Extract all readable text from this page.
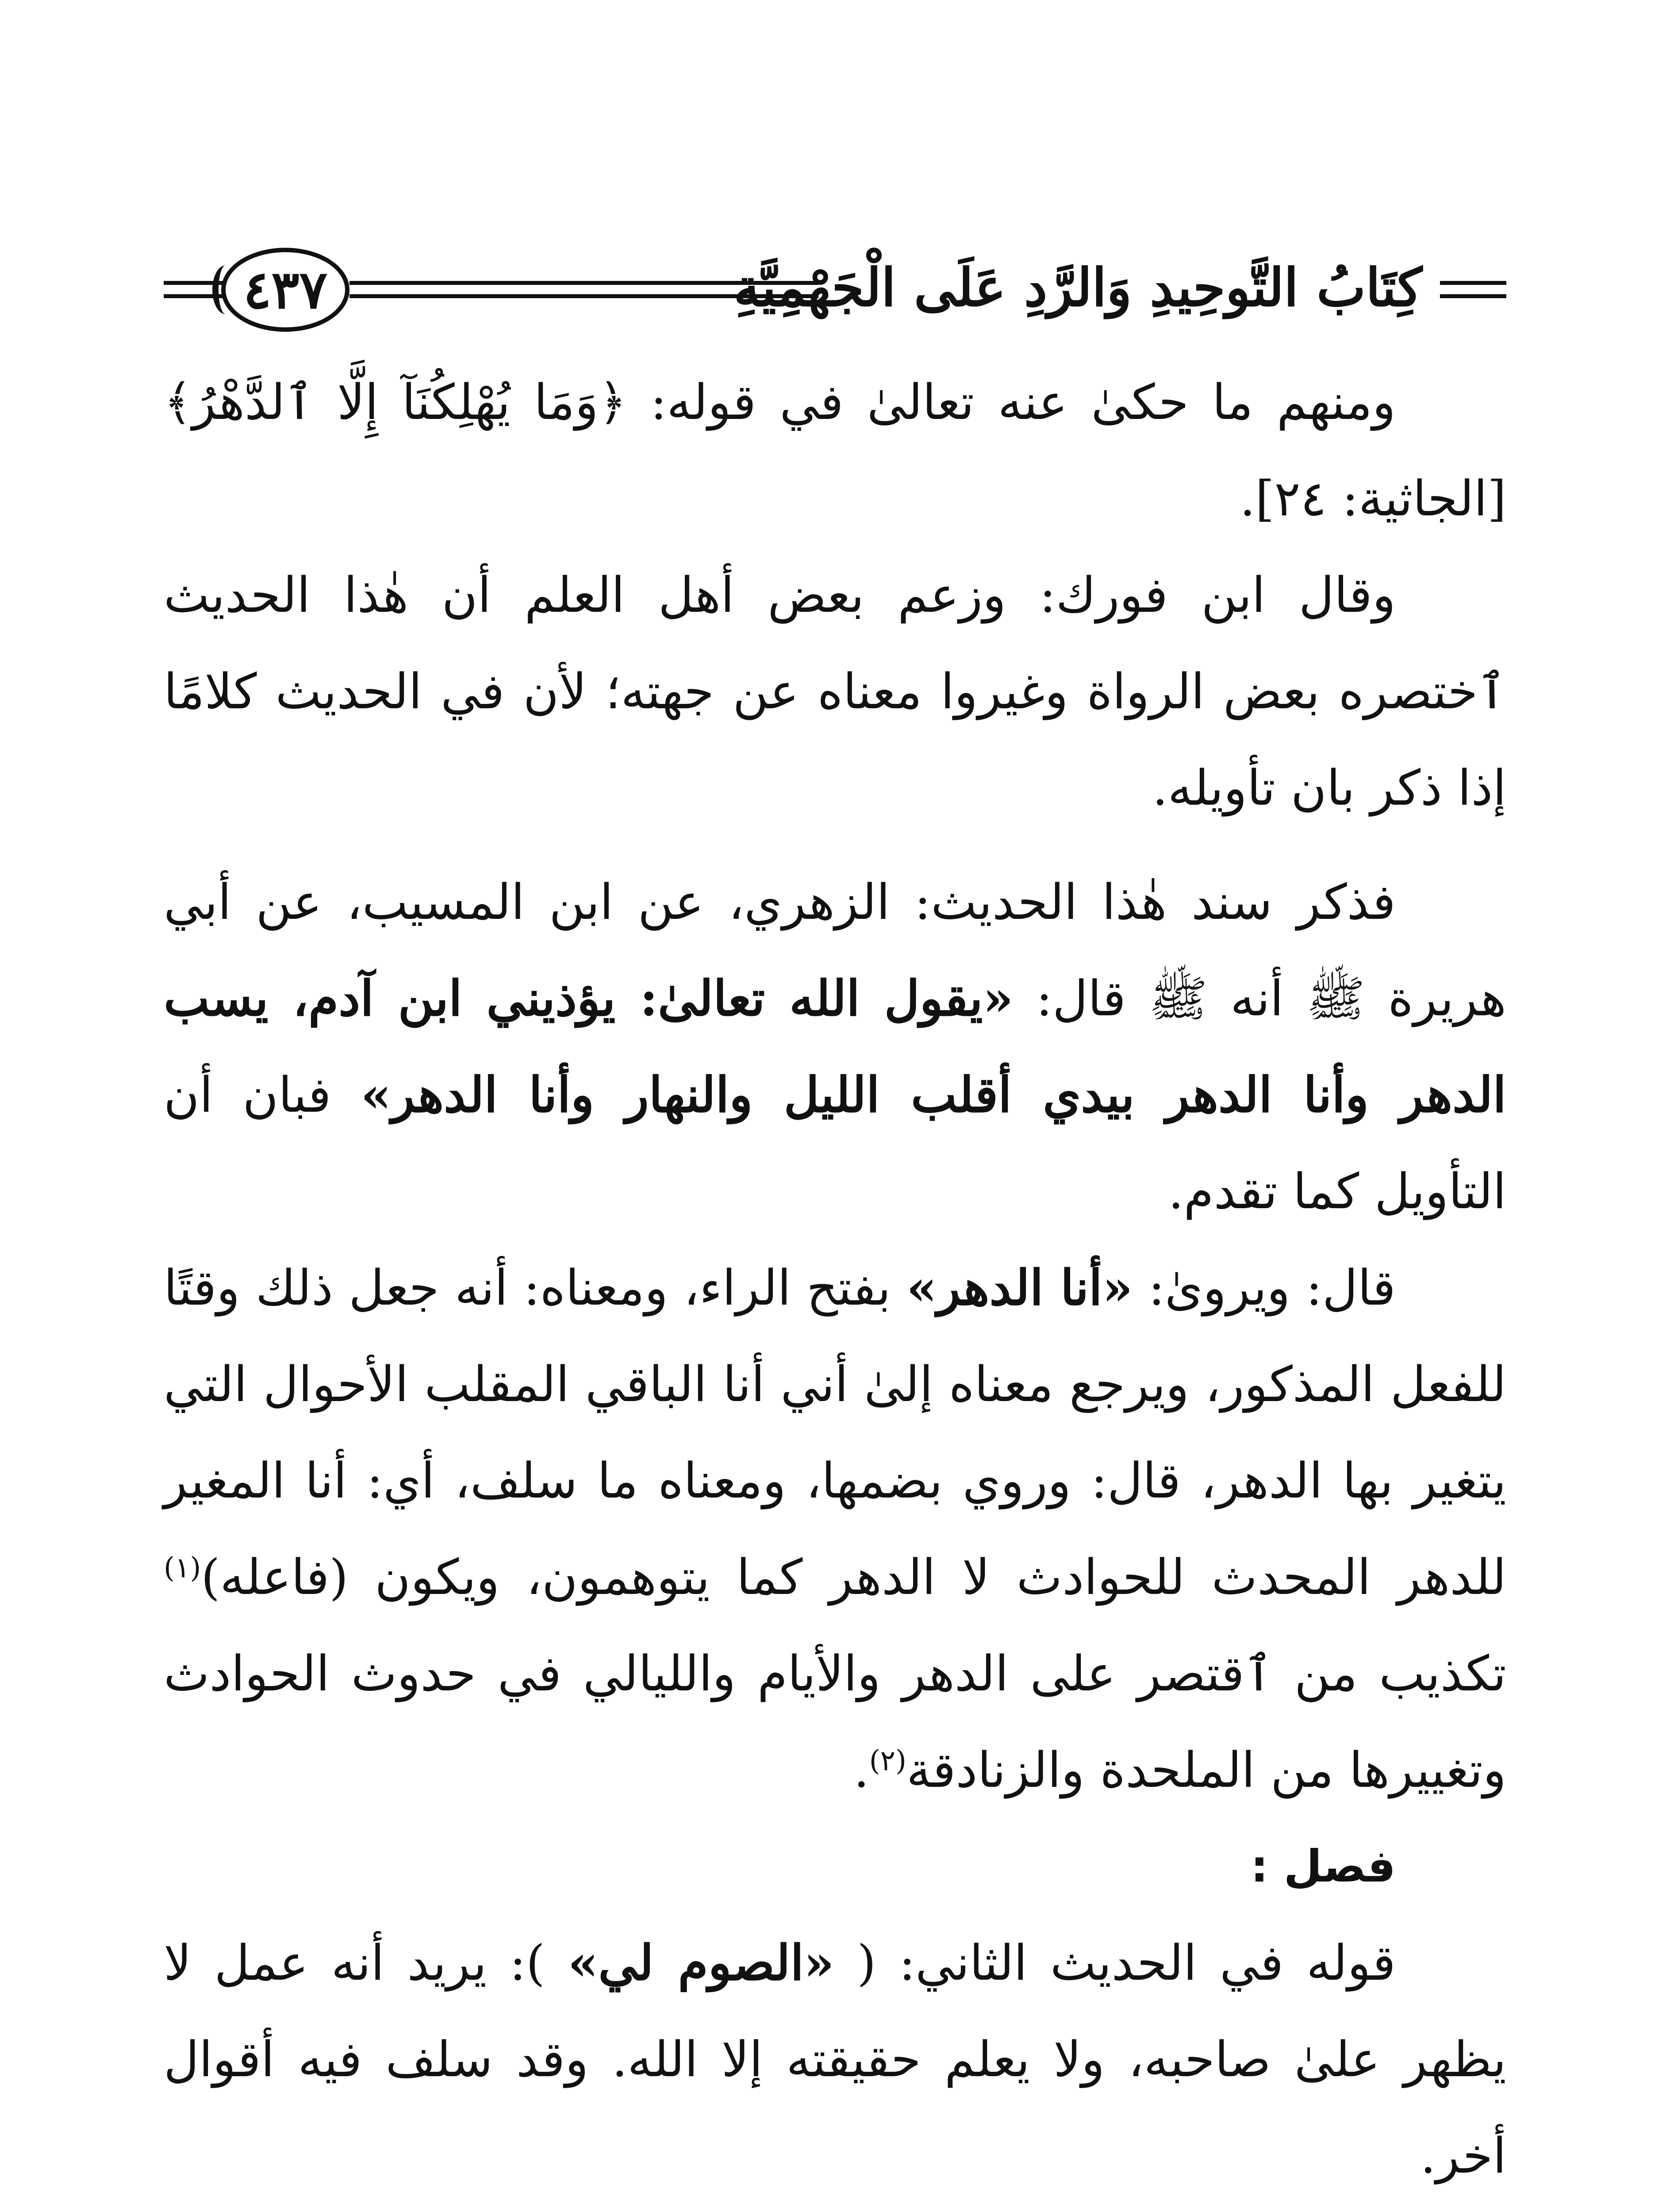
كِتَابُ التَّوحِيدِ وَالرَّدِ عَلَى الْجَهْمِيَّةِ
٤٣٧

ومنهم ما حكىٰ عنه تعالىٰ في قوله: ﴿وَمَا يُهْلِكُنَآ إِلَّا ٱلدَّهْرُ﴾ [الجاثية: ٢٤].

وقال ابن فورك: وزعم بعض أهل العلم أن هٰذا الحديث ٱختصره بعض الرواة وغيروا معناه عن جهته؛ لأن في الحديث كلامًا إذا ذكر بان تأويله.

فذكر سند هٰذا الحديث: الزهري، عن ابن المسيب، عن أبي هريرة ﷺ أنه ﷺ قال: «يقول الله تعالىٰ: يؤذيني ابن آدم، يسب الدهر وأنا الدهر بيدي أقلب الليل والنهار وأنا الدهر» فبان أن التأويل كما تقدم.

قال: ويروىٰ: «أنا الدهر» بفتح الراء، ومعناه: أنه جعل ذلك وقتًا للفعل المذكور، ويرجع معناه إلىٰ أني أنا الباقي المقلب الأحوال التي يتغير بها الدهر، قال: وروي بضمها، ومعناه ما سلف، أي: أنا المغير للدهر المحدث للحوادث لا الدهر كما يتوهمون، ويكون (فاعله)$^{(١)}$ تكذيب من ٱقتصر على الدهر والأيام والليالي في حدوث الحوادث وتغييرها من الملحدة والزنادقة$^{(٢)}$.

فصل :

قوله في الحديث الثاني: ( «الصوم لي» ): يريد أنه عمل لا يظهر علىٰ صاحبه، ولا يعلم حقيقته إلا الله. وقد سلف فيه أقوال أخر.
